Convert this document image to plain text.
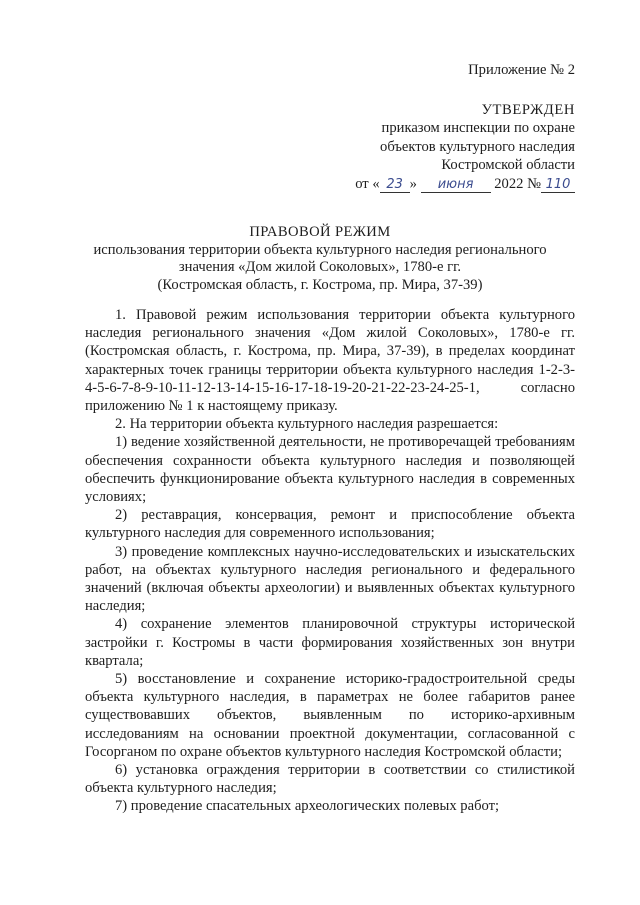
Приложение № 2
УТВЕРЖДЕН
приказом инспекции по охране
объектов культурного наследия
Костромской области
от « 23 » июня 2022 № 110
ПРАВОВОЙ РЕЖИМ
использования территории объекта культурного наследия регионального
значения «Дом жилой Соколовых», 1780-е гг.
(Костромская область, г. Кострома, пр. Мира, 37-39)

1. Правовой режим использования территории объекта культурного наследия регионального значения «Дом жилой Соколовых», 1780-е гг. (Костромская область, г. Кострома, пр. Мира, 37-39), в пределах координат характерных точек границы территории объекта культурного наследия 1-2-3-4-5-6-7-8-9-10-11-12-13-14-15-16-17-18-19-20-21-22-23-24-25-1, согласно приложению № 1 к настоящему приказу.

2. На территории объекта культурного наследия разрешается:

1) ведение хозяйственной деятельности, не противоречащей требованиям обеспечения сохранности объекта культурного наследия и позволяющей обеспечить функционирование объекта культурного наследия в современных условиях;

2) реставрация, консервация, ремонт и приспособление объекта культурного наследия для современного использования;

3) проведение комплексных научно-исследовательских и изыскательских работ, на объектах культурного наследия регионального и федерального значений (включая объекты археологии) и выявленных объектах культурного наследия;

4) сохранение элементов планировочной структуры исторической застройки г. Костромы в части формирования хозяйственных зон внутри квартала;

5) восстановление и сохранение историко-градостроительной среды объекта культурного наследия, в параметрах не более габаритов ранее существовавших объектов, выявленным по историко-архивным исследованиям на основании проектной документации, согласованной с Госорганом по охране объектов культурного наследия Костромской области;

6) установка ограждения территории в соответствии со стилистикой объекта культурного наследия;

7) проведение спасательных археологических полевых работ;
